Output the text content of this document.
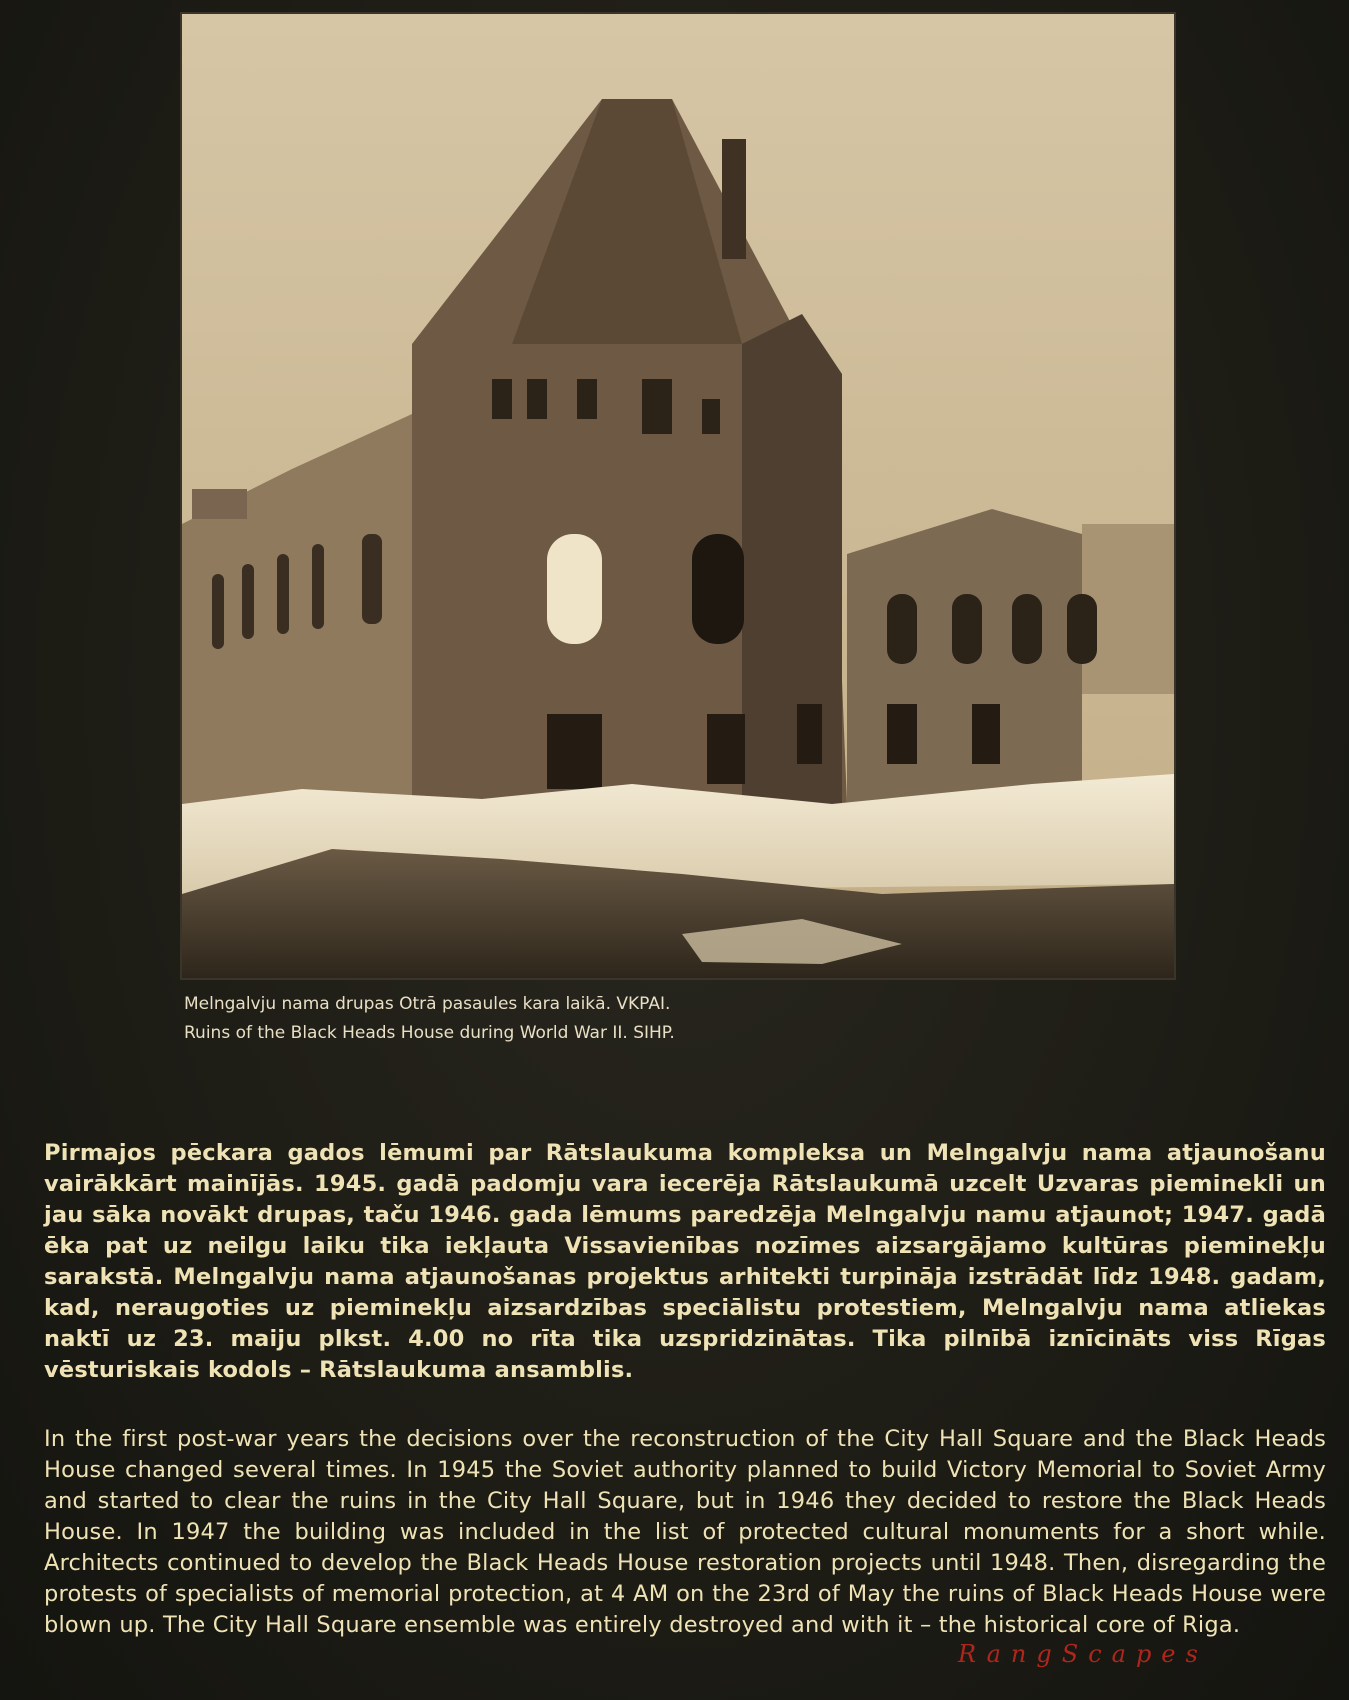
Melngalvju nama drupas Otrā pasaules kara laikā. VKPAI.
Ruins of the Black Heads House during World War II. SIHP.
Pirmajos pēckara gados lēmumi par Rātslaukuma kompleksa un Melngalvju nama atjaunošanu vairākkārt mainījās. 1945. gadā padomju vara iecerēja Rātslaukumā uzcelt Uzvaras pieminekli un jau sāka novākt drupas, taču 1946. gada lēmums paredzēja Melngalvju namu atjaunot; 1947. gadā ēka pat uz neilgu laiku tika iekļauta Vissavienības nozīmes aizsargājamo kultūras pieminekļu sarakstā. Melngalvju nama atjaunošanas projektus arhitekti turpināja izstrādāt līdz 1948. gadam, kad, neraugoties uz pieminekļu aizsardzības speciālistu protestiem, Melngalvju nama atliekas naktī uz 23. maiju plkst. 4.00 no rīta tika uzspridzinātas. Tika pilnībā iznīcināts viss Rīgas vēsturiskais kodols – Rātslaukuma ansamblis.
In the first post-war years the decisions over the reconstruction of the City Hall Square and the Black Heads House changed several times. In 1945 the Soviet authority planned to build Victory Memorial to Soviet Army and started to clear the ruins in the City Hall Square, but in 1946 they decided to restore the Black Heads House. In 1947 the building was included in the list of protected cultural monuments for a short while. Architects continued to develop the Black Heads House restoration projects until 1948. Then, disregarding the protests of specialists of memorial protection, at 4 AM on the 23rd of May the ruins of Black Heads House were blown up. The City Hall Square ensemble was entirely destroyed and with it – the historical core of Riga.
RangScapes
